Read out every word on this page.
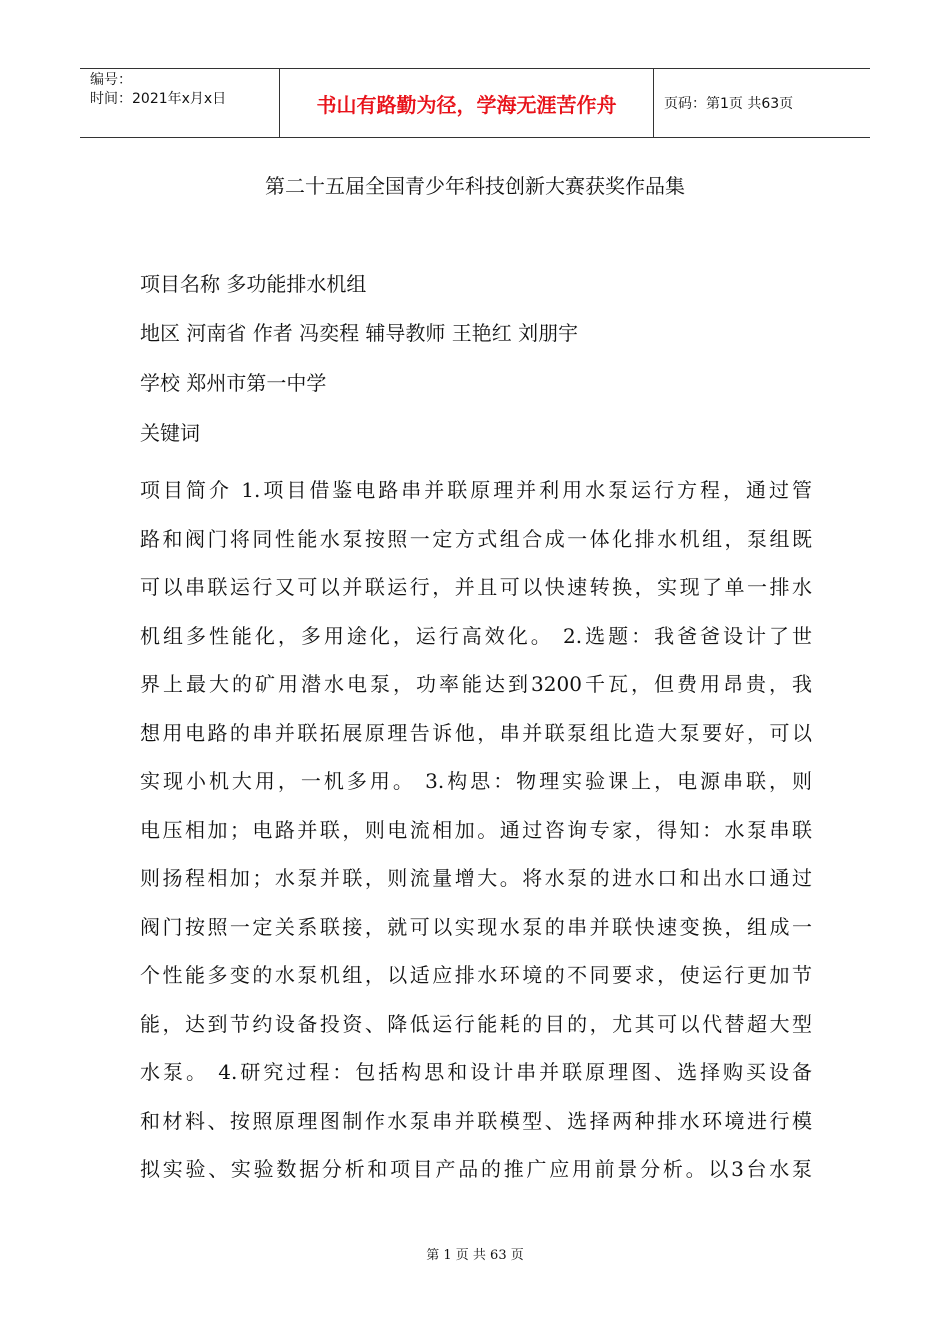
编号：
时间：2021年x月x日	书山有路勤为径，学海无涯苦作舟	页码：第1页 共63页
第二十五届全国青少年科技创新大赛获奖作品集
项目名称 多功能排水机组
地区 河南省 作者 冯奕程 辅导教师 王艳红 刘朋宇
学校 郑州市第一中学
关键词
项目简介 1.项目借鉴电路串并联原理并利用水泵运行方程，通过管
路和阀门将同性能水泵按照一定方式组合成一体化排水机组，泵组既
可以串联运行又可以并联运行，并且可以快速转换，实现了单一排水
机组多性能化，多用途化，运行高效化。 2.选题：我爸爸设计了世
界上最大的矿用潜水电泵，功率能达到3200千瓦，但费用昂贵，我
想用电路的串并联拓展原理告诉他，串并联泵组比造大泵要好，可以
实现小机大用，一机多用。 3.构思：物理实验课上，电源串联，则
电压相加；电路并联，则电流相加。通过咨询专家，得知：水泵串联
则扬程相加；水泵并联，则流量增大。将水泵的进水口和出水口通过
阀门按照一定关系联接，就可以实现水泵的串并联快速变换，组成一
个性能多变的水泵机组，以适应排水环境的不同要求，使运行更加节
能，达到节约设备投资、降低运行能耗的目的，尤其可以代替超大型
水泵。 4.研究过程：包括构思和设计串并联原理图、选择购买设备
和材料、按照原理图制作水泵串并联模型、选择两种排水环境进行模
拟实验、实验数据分析和项目产品的推广应用前景分析。以3台水泵
第 1 页 共 63 页
